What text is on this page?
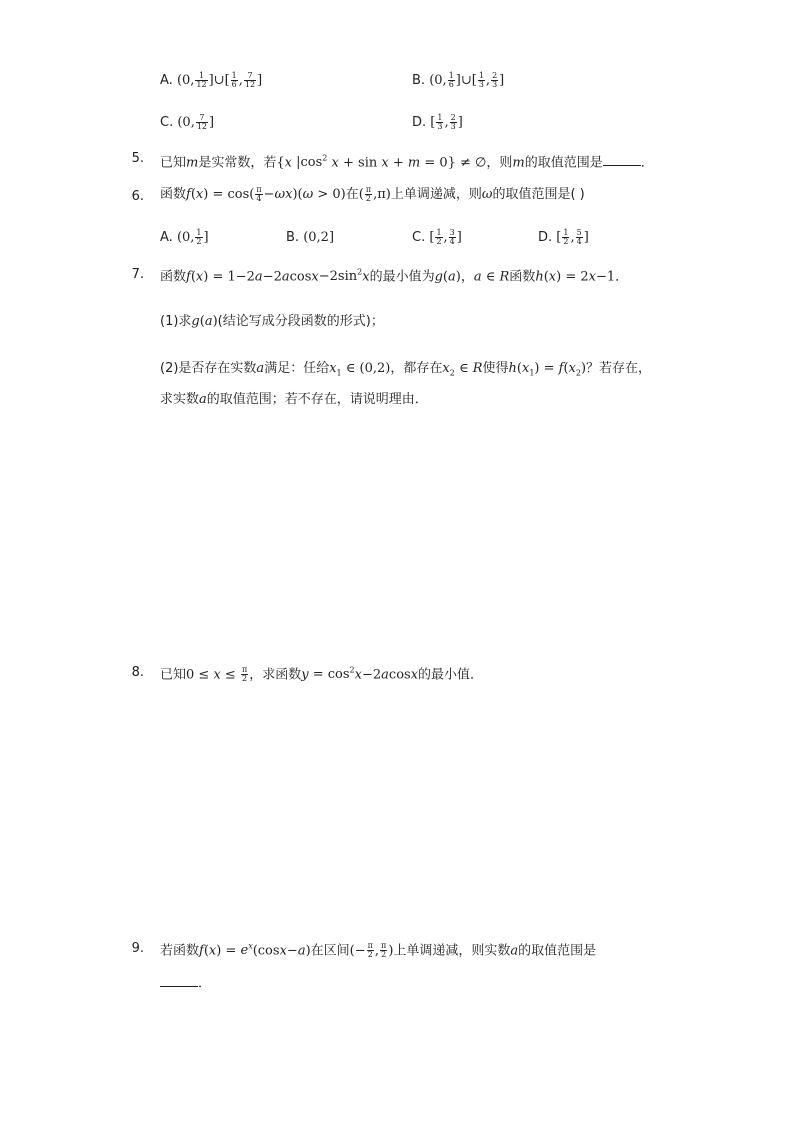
A. (0, $\frac{1}{12}$ ]∪[ $\frac{1}{6}$ , $\frac{7}{12}$ ]	B. (0, $\frac{1}{6}$ ]∪[ $\frac{1}{3}$ , $\frac{2}{3}$ ]
C. (0, $\frac{7}{12}$ ]	D. [ $\frac{1}{3}$ , $\frac{2}{3}$ ]
5. 已知m是实常数，若{x $|\cos^2$ x + sin x + m = 0} ≠ ∅，则m的取值范围是	．
6. 函数$f(x) = \cos( \frac{\pi}{4} -\omega x)(\omega > 0)$在( $\frac{\pi}{2} ,\pi$)上单调递减，则ω的取值范围是( )
A. (0, $\frac{1}{2}$ ]	B. (0,2]	C. [ $\frac{1}{2}$ , $\frac{3}{4}$ ]	D. [ $\frac{1}{2}$ , $\frac{5}{4}$ ]
7. 函数$f(x) = 1-2a-2acosx-2\sin^2x$的最小值为g(a)，a ∈ R函数h(x) = 2x−1．
(1)求g(a)(结论写成分段函数的形式)；
(2)是否存在实数a满足：任给$x_1$ ∈ (0,2)，都存在$x_2$ ∈ R使得$h(x_1) = f(x_2)$？若存在，
求实数a的取值范围；若不存在，请说明理由．
8. 已知$0 \le x \le \frac{\pi}{2}$ ，求函数$y = \cos^2x-2acosx$的最小值．
9. 若函数$f(x) = e^x(\cos x-a)$在区间(− $\frac{\pi}{2}$ , $\frac{\pi}{2}$ )上单调递减，则实数a的取值范围是
．
